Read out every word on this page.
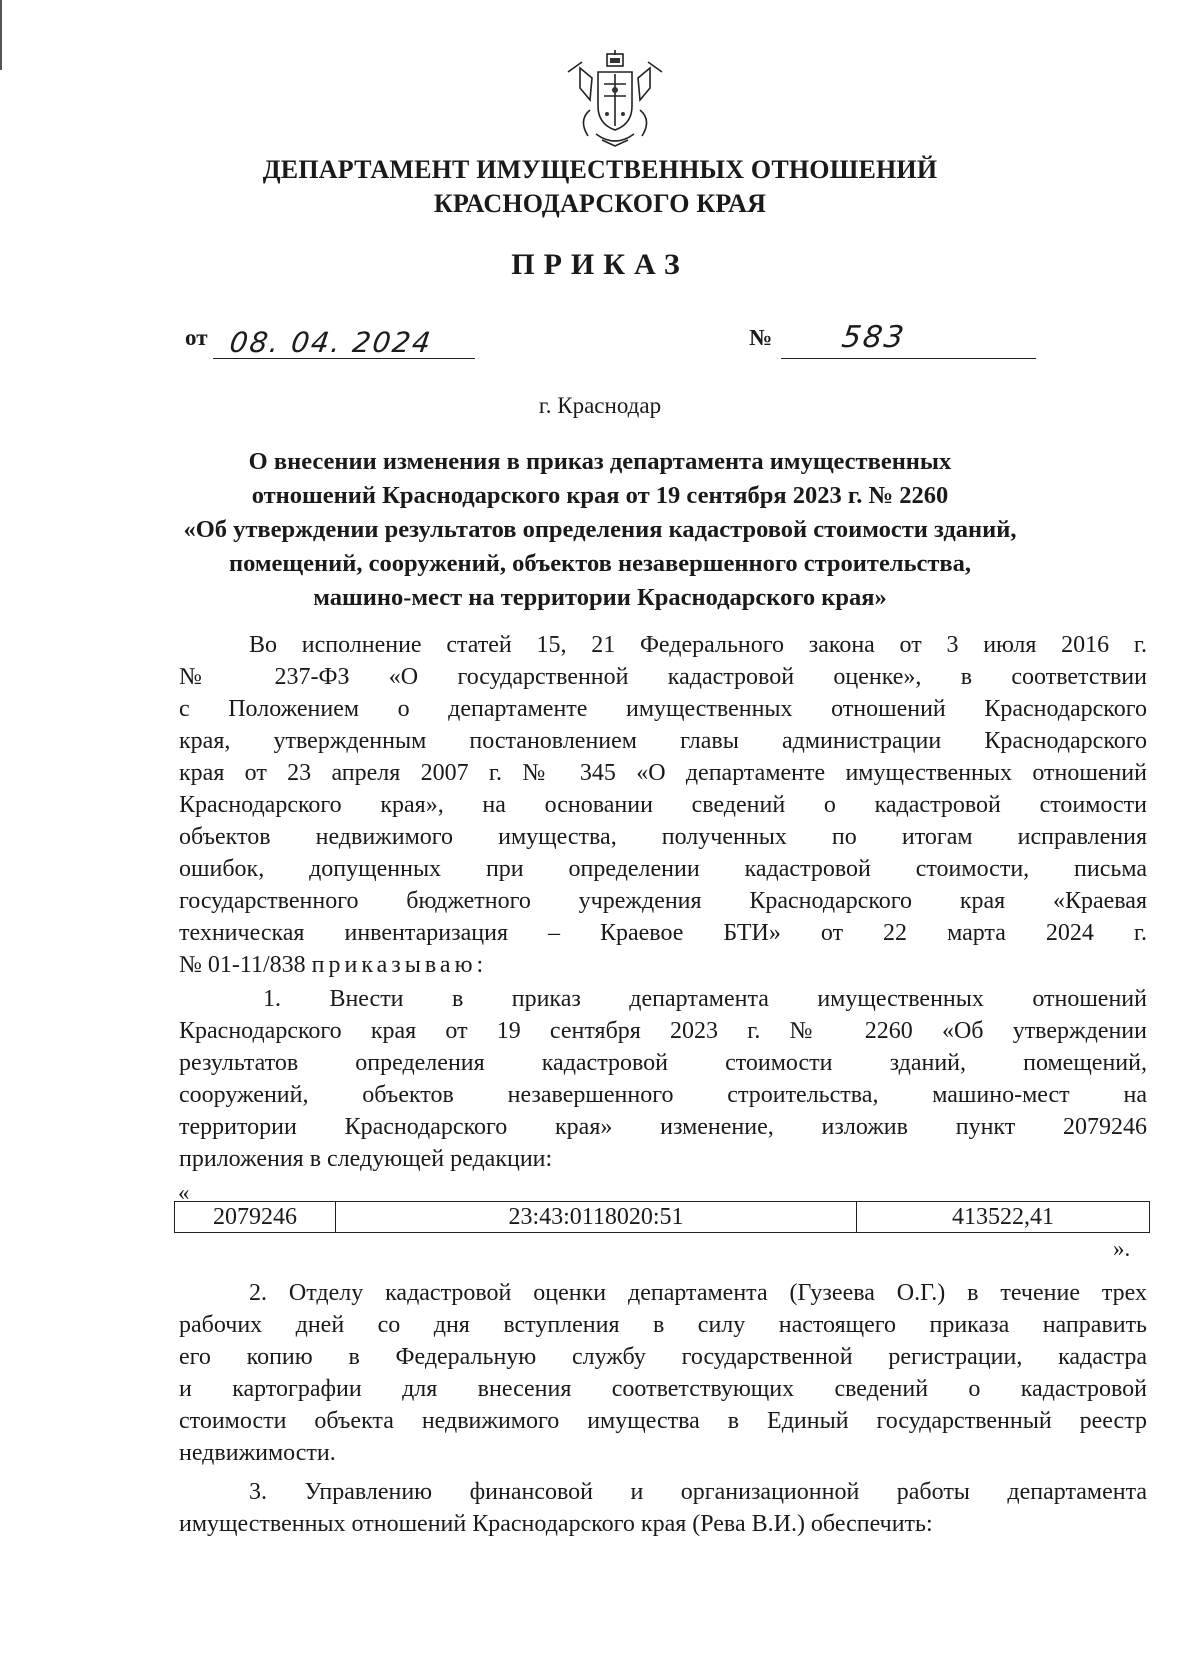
ДЕПАРТАМЕНТ ИМУЩЕСТВЕННЫХ ОТНОШЕНИЙ
КРАСНОДАРСКОГО КРАЯ
ПРИКАЗ
от 08. 04. 2024	№ 583
г. Краснодар
О внесении изменения в приказ департамента имущественных
отношений Краснодарского края от 19 сентября 2023 г. № 2260
«Об утверждении результатов определения кадастровой стоимости зданий,
помещений, сооружений, объектов незавершенного строительства,
машино-мест на территории Краснодарского края»
Во исполнение статей 15, 21 Федерального закона от 3 июля 2016 г.
№ 237-ФЗ «О государственной кадастровой оценке», в соответствии
с Положением о департаменте имущественных отношений Краснодарского
края, утвержденным постановлением главы администрации Краснодарского
края от 23 апреля 2007 г. № 345 «О департаменте имущественных отношений
Краснодарского края», на основании сведений о кадастровой стоимости
объектов недвижимого имущества, полученных по итогам исправления
ошибок, допущенных при определении кадастровой стоимости, письма
государственного бюджетного учреждения Краснодарского края «Краевая
техническая инвентаризация – Краевое БТИ» от 22 марта 2024 г.
№ 01-11/838 приказываю:
1. Внести в приказ департамента имущественных отношений
Краснодарского края от 19 сентября 2023 г. № 2260 «Об утверждении
результатов определения кадастровой стоимости зданий, помещений,
сооружений, объектов незавершенного строительства, машино-мест на
территории Краснодарского края» изменение, изложив пункт 2079246
приложения в следующей редакции:
«
2079246	23:43:0118020:51	413522,41
».
2. Отделу кадастровой оценки департамента (Гузеева О.Г.) в течение трех
рабочих дней со дня вступления в силу настоящего приказа направить
его копию в Федеральную службу государственной регистрации, кадастра
и картографии для внесения соответствующих сведений о кадастровой
стоимости объекта недвижимого имущества в Единый государственный реестр
недвижимости.
3. Управлению финансовой и организационной работы департамента
имущественных отношений Краснодарского края (Рева В.И.) обеспечить:
